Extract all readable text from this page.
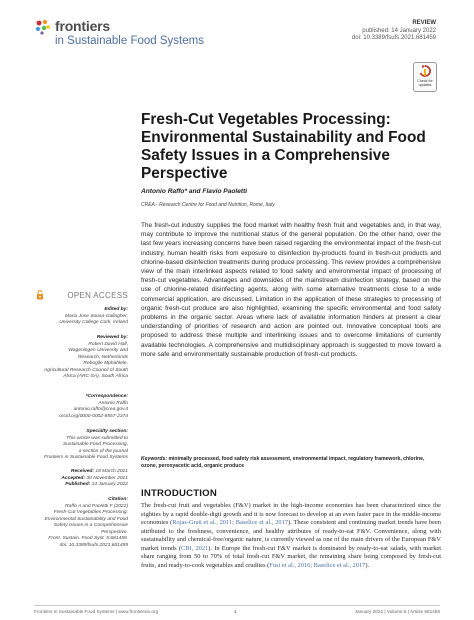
frontiers
in Sustainable Food Systems
REVIEW
published: 14 January 2022
doi: 10.3389/fsufs.2021.681459
Check for
updates
Fresh-Cut Vegetables Processing: Environmental Sustainability and Food Safety Issues in a Comprehensive Perspective
Antonio Raffo* and Flavio Paoletti
CREA - Research Centre for Food and Nutrition, Rome, Italy

The fresh-cut industry supplies the food market with healthy fresh fruit and vegetables and, in that way, may contribute to improve the nutritional status of the general population. On the other hand, over the last few years increasing concerns have been raised regarding the environmental impact of the fresh-cut industry, human health risks from exposure to disinfection by-products found in fresh-cut products and chlorine-based disinfection treatments during produce processing. This review provides a comprehensive view of the main interlinked aspects related to food safety and environmental impact of processing of fresh-cut vegetables. Advantages and downsides of the mainstream disinfection strategy, based on the use of chlorine-related disinfecting agents, along with some alternative treatments close to a wide commercial application, are discussed. Limitation in the application of these strategies to processing of organic fresh-cut produce are also highlighted, examining the specific environmental and food safety problems in the organic sector. Areas where lack of available information hinders at present a clear understanding of priorities of research and action are pointed out. Innovative conceptual tools are proposed to address these multiple and interlinking issues and to overcome limitations of currently available technologies. A comprehensive and multidisciplinary approach is suggested to move toward a more safe and environmentally sustainable production of fresh-cut products.

Keywords: minimally processed, food safety risk assessment, environmental impact, regulatory framework, chlorine, ozone, peroxyacetic acid, organic produce

INTRODUCTION

The fresh-cut fruit and vegetables (F&V) market in the high-income economies has been characterized since the eighties by a rapid double-digit growth and it is now forecast to develop at an even faster pace in the middle-income economies (Rojas-Graü et al., 2011; Baselice et al., 2017). These consistent and continuing market trends have been attributed to the freshness, convenience, and healthy attributes of ready-to-eat F&V. Convenience, along with sustainability and chemical-free/organic nature, is currently viewed as one of the main drivers of the European F&V market trends (CBI, 2021). In Europe the fresh-cut F&V market is dominated by ready-to-eat salads, with market share ranging from 50 to 70% of total fresh-cut F&V market, the remaining share being composed by fresh-cut fruits, and ready-to-cook vegetables and crudites (Fusi et al., 2016; Baselice et al., 2017).

OPEN ACCESS
Edited by:
Maria Jose Sousa-Gallagher,
University College Cork, Ireland
Reviewed by:
Robert David Hall,
Wageningen University and
Research, Netherlands
Rebogile Mphahlele,
Agricultural Research Council of South
Africa (ARC-SA), South Africa
*Correspondence:
Antonio Raffo
antonio.raffo@crea.gov.it
orcid.org/0000-0002-8557-2374
Specialty section:
This article was submitted to
Sustainable Food Processing,
a section of the journal
Frontiers in Sustainable Food Systems
Received: 18 March 2021
Accepted: 30 November 2021
Published: 14 January 2022
Citation:
Raffo A and Paoletti F (2022)
Fresh-Cut Vegetables Processing:
Environmental Sustainability and Food
Safety Issues in a Comprehensive
Perspective.
Front. Sustain. Food Syst. 5:681459.
doi: 10.3389/fsufs.2021.681459
Frontiers in Sustainable Food Systems | www.frontiersin.org	1	January 2022 | Volume 5 | Article 681459
